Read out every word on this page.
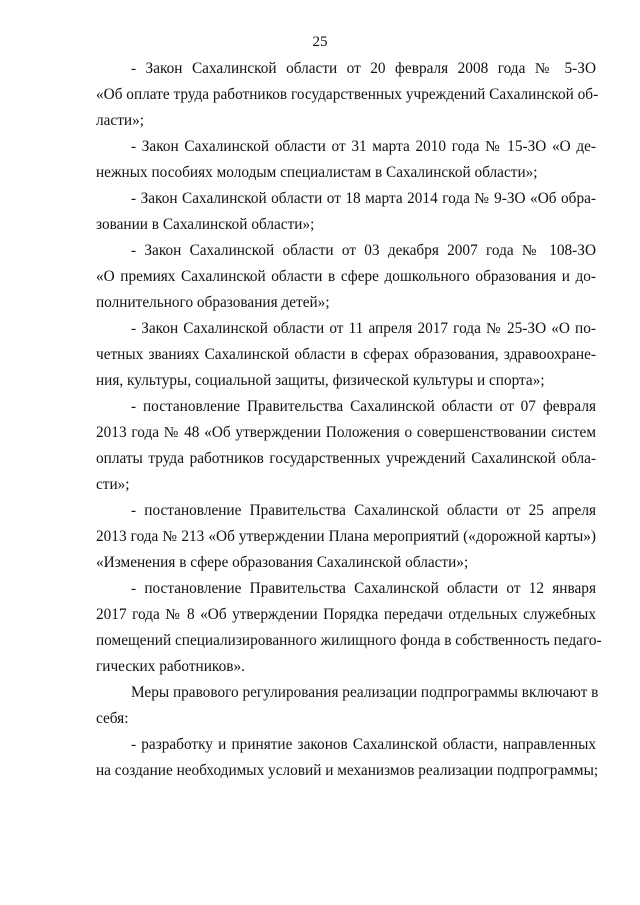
25

- Закон Сахалинской области от 20 февраля 2008 года № 5-ЗО
«Об оплате труда работников государственных учреждений Сахалинской об-
ласти»;

- Закон Сахалинской области от 31 марта 2010 года № 15-ЗО «О де-
нежных пособиях молодым специалистам в Сахалинской области»;

- Закон Сахалинской области от 18 марта 2014 года № 9-ЗО «Об обра-
зовании в Сахалинской области»;

- Закон Сахалинской области от 03 декабря 2007 года № 108-ЗО
«О премиях Сахалинской области в сфере дошкольного образования и до-
полнительного образования детей»;

- Закон Сахалинской области от 11 апреля 2017 года № 25-ЗО «О по-
четных званиях Сахалинской области в сферах образования, здравоохране-
ния, культуры, социальной защиты, физической культуры и спорта»;

- постановление Правительства Сахалинской области от 07 февраля
2013 года № 48 «Об утверждении Положения о совершенствовании систем
оплаты труда работников государственных учреждений Сахалинской обла-
сти»;

- постановление Правительства Сахалинской области от 25 апреля
2013 года № 213 «Об утверждении Плана мероприятий («дорожной карты»)
«Изменения в сфере образования Сахалинской области»;

- постановление Правительства Сахалинской области от 12 января
2017 года № 8 «Об утверждении Порядка передачи отдельных служебных
помещений специализированного жилищного фонда в собственность педаго-
гических работников».

Меры правового регулирования реализации подпрограммы включают в
себя:

- разработку и принятие законов Сахалинской области, направленных
на создание необходимых условий и механизмов реализации подпрограммы;
